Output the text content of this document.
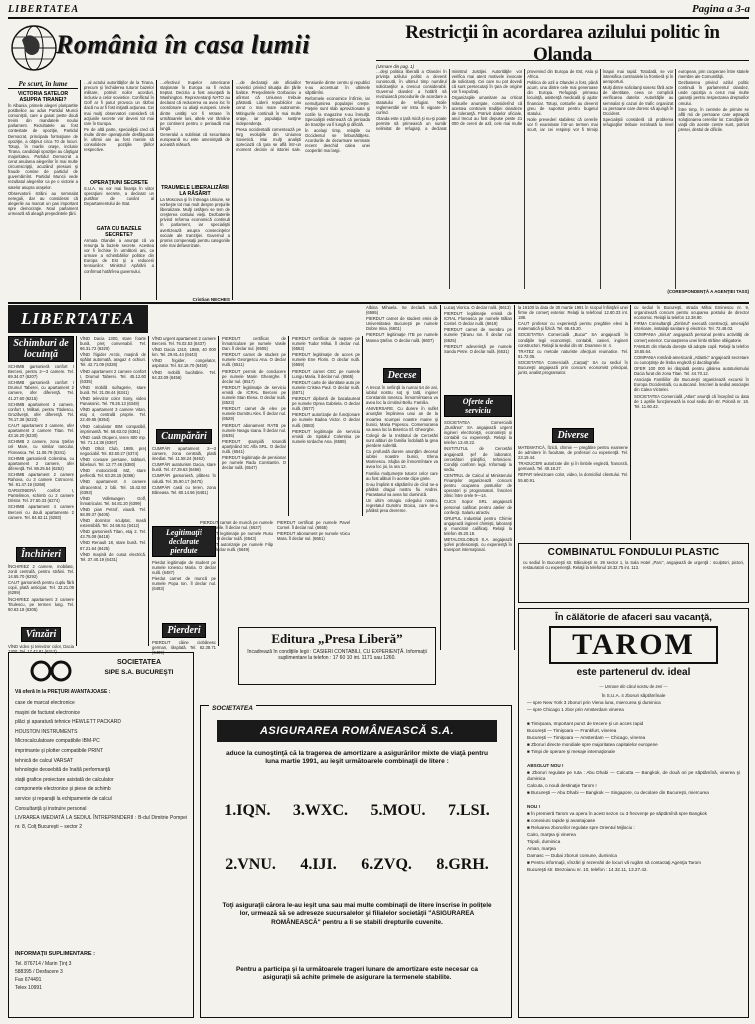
LIBERTATEA	Pagina a 3-a
România în casa lumii
Pe scurt, în lume
VICTORIA SATELOR ASUPRA TIRANEI?

În Albania, primele alegeri pluripartite postbelice au adus Partidul Muncii comuniştii, care a ganat peste două treimi din mandatele noului parlament. Rezultatele au fost contestate de opoziţie, Partidul Democrat, principala formaţiune de opoziţie, a obţinut circa 70 de locuri. Totuşi, în marile oraşe, inclusiv Tirana, candidaţii opoziţiei au câştigat majoritatea. Partidul Democrat a cerut anularea alegerilor în mai multe circumscripţii, acuzând presiuni şi fraude comise de partidul de guvernămînt. Partidul Muncii vede rezultatul alegerilor ca pe o victorie a satelor asupra oraşelor.

Observatorii străini au semnalat nereguli, dar au considerat că alegerile au marcat un pas important spre democraţie. Noul parlament urmează să aleagă preşedintele ţării.

…al actului autorităţilor de la Tirana, precum şi închiderea tuturor bazelor militare, potrivit noilor acorduri, inclusiv a celor sovietice. Conflictul în Golf ar fi putut provoca un război dacă nu ar fi fost iniţiată acţiunea. Cei mai mulţi observatori consideră că acţiunile secrete vor deveni tot mai rare în Europa.

Pe de altă parte, specialiştii cred că multe dintre operaţiunile desfăşurate în ultimii ani au fost menite să consolideze poziţiile ţărilor respective.

OPERAŢIUNI SECRETE

S.U.A. nu vor mai finanţa în viitor operaţiuni secrete, a declarat un purtător de cuvânt al Departamentului de Stat.

GATA CU BAZELE SECRETE?

Armata Olandei a anunţat că va renunţa la bazele secrete. Acestea vor fi închise în următorii ani, ca urmare a schimbărilor politice din Europa de Est şi a reducerii tensiunilor. Ministrul Apărării a confirmat hotărîrea guvernului.

…efectivul trupelor americane staţionate în Europa va fi redus treptat. Decizia a fost anunţată la Washington. Reprezentanţi NATO au declarat că reducerea va avea loc în coordonare cu aliaţii europeni. Unele dintre unităţi vor fi retrase în următoarele luni, altele vor rămâne pe continent pentru o perioadă mai lungă.

Generalul a subliniat că securitatea europeană nu este ameninţată de această măsură.

TRAUMELE LIBERALIZĂRII LA RĂSĂRIT

La Moscova şi în întreaga Uniune, se vorbeşte tot mai mult despre preţurile liberalizate. Mulţi cetăţeni se tem de creşterea costului vieţii. Dezbaterile privind reforma economică continuă în parlament, iar specialiştii avertizează asupra consecinţelor sociale ale tranziţiei. Guvernul a promis compensaţii pentru categoriile cele mai defavorizate.

Cristian NECHES

…de declaraţii ale oficialilor sovietici privind situaţia din ţările baltice. Preşedintele Gorbaciov a afirmat că Uniunea trebuie păstrată. Liderii republicilor au cerut o mai mare autonomie. Mitingurile continuă în mai multe oraşe, iar populaţia susţine independenţa.

Presa occidentală comentează pe larg evoluţiile din Uniunea Sovietică. Mai mulţi analişti apreciază că ţara se află într-un moment decisiv al istoriei sale. Tensiunile dintre centru şi republici s-au accentuat în ultimele săptămîni.

Reformele economice întîrzie, iar nemulţumirea populaţiei creşte. Pieţele sunt slab aprovizionate şi cozile la magazine s-au înmulţit. Specialiştii estimează că perioada de tranziţie va fi lungă şi dificilă.

În acelaşi timp, relaţiile cu Occidentul se îmbunătăţesc. Acordurile de dezarmare semnate recent deschid calea unei cooperări mai largi.

Restricţii în acordarea azilului politic în Olanda
(Urmare din pag. 1)

…deşi politica liberală a Olandei în privinţa azilului politic a devenit cunoscută, în ultimul timp numărul solicitanţilor a crescut considerabil. Guvernul olandez a hotărît să revizuiască procedurile de acordare a statutului de refugiat. Noile reglementări vor intra în vigoare în curînd.

Olanda este o ţară mică şi nu-şi poate permite să primească un număr nelimitat de refugiaţi, a declarat ministrul Justiţiei. Autorităţile vor verifica mai atent motivele invocate de solicitanţi. Cei care nu pot dovedi că sunt persecutaţi în ţara de origine vor fi expulzaţi.

Organizaţiile umanitare au criticat măsurile anunţate, considerînd că acestea contravin tradiţiei olandeze de toleranţă. Potrivit datelor oficiale, anul trecut au fost depuse peste 21 000 de cereri de azil, cele mai multe provenind din Europa de Est, Asia şi Africa.

Politica de azil a Olandei a fost, până acum, una dintre cele mai generoase din Europa. Refugiaţii primeau locuinţă, asistenţă medicală şi ajutor financiar. Totuşi, costurile au devenit greu de suportat pentru bugetul statului.

Noile prevederi stabilesc că cererile vor fi examinate într-un termen mai scurt, iar cei respinşi vor fi trimişi înapoi mai rapid. Totodată, se vor intensifica controalele la frontieră şi în aeroporturi.

Mulţi dintre solicitanţi sosesc fără acte de identitate, ceea ce complică verificarea datelor. Autorităţile au semnalat şi cazuri de trafic organizat cu persoane care doresc să ajungă în Occident.

Specialiştii consideră că problema refugiaţilor trebuie rezolvată la nivel european, prin cooperare între statele membre ale Comunităţii.

Dezbaterea privind azilul politic continuă în parlamentul olandez, unde opoziţia a cerut mai multe garanţii pentru respectarea drepturilor omului.

Între timp, în centrele de primire se află mii de persoane care aşteaptă soluţionarea cererilor lor. Condiţiile de viaţă din aceste centre sunt, potrivit presei, destul de dificile.

(CORESPONDENŢĂ A AGENŢIEI TASS)
LIBERTATEA
Schimburi de locuinţă

SCHIMB garsonieră confort I Berceni, pentru 2—3 camere. Tel. 69.34.07 (6207)

SCHIMB garsonieră confort I Drumul Taberei, cu apartament 2 camere, ofer diferenţă. Tel. 41.27.60 (6215)

SCHIMB apartament 2 camere, confort I, Militari, pentru Titulescu, Grozăveşti, ofer diferenţă. Tel. 76.17.38 (6223)

CAUT apartament 3 camere, ofer apartament 2 camere Titan. Tel. 43.16.20 (6230)

SCHIMB 2 camere, zona Ştefan cel Mare, cu similar Iancului, Floreasca. Tel. 11.06.78 (6241)

SCHIMB garsonieră Colentina, cu apartament 2 camere, ofer diferenţă. Tel. 88.25.54 (6252)

SCHIMB apartament 2 camere Rahova, cu 3 camere Cotroceni. Tel. 81.47.19 (6268)

GARSONIERĂ confort I, Pantelimon, schimb cu 2 camere Dristor. Tel. 27.50.33 (6274)

SCHIMB apartament 4 camere Berceni cu două apartamente 2 camere. Tel. 84.62.11 (6283)

Închirieri

ÎNCHIRIEZ 2 camere, mobilate, zonă centrală, pentru străini. Tel. 14.55.70 (6292)

CAUT garsonieră pentru cuplu fără copii, plată anticipat. Tel. 33.21.09 (6299)

ÎNCHIRIEZ apartament 3 camere Titulescu, pe termen lung. Tel. 50.63.18 (6305)

Vînzări

VÎND video şi televizor color, Dacia 1300. Tel. 17.42.81 (6312)

VÎND Dacia 1300, stare foarte bună, preţ convenabil. Tel. 66.31.72 (6320)

VÎND frigider Arctic, maşină de spălat automată, aragaz 4 ochiuri. Tel. 42.71.09 (6328)

VÎND apartament 2 camere confort I, Drumul Taberei. Tel. 45.12.60 (6335)

VÎND mobilă sufragerie, stare bună. Tel. 31.08.44 (6341)

VÎND televizor color Sony, video Panasonic. Tel. 79.26.13 (6348)

VÎND apartament 3 camere Vitan, etaj 4, centrală proprie. Tel. 22.49.85 (6354)

VÎND calculator IBM compatibil, imprimantă. Tel. 58.63.02 (6361)

VÎND casă Otopeni, teren 800 mp. Tel. 71.14.38 (6367)

VÎND Oltcit Club, 1989, preţ negociabil. Tel. 83.50.27 (6374)

VÎND covoare persane, tablouri, bibelouri. Tel. 12.77.46 (6380)

VÎND motocicletă MZ, stare perfectă. Tel. 63.28.15 (6386)

VÎND apartament 4 camere ultracentral, 2 băi. Tel. 15.42.93 (6393)

VÎND Volkswagen Golf, înmatriculat. Tel. 54.81.20 (6399)

VÎND pian Petrof, vioară. Tel. 68.09.37 (6405)

VÎND dormitor sculptat, masă extensibilă. Tel. 24.66.51 (6412)

VÎND garsonieră Titan, etaj 2. Tel. 43.75.08 (6418)

VÎND Renault 18, stare bună. Tel. 87.21.64 (6425)

VÎND maşină de cusut electrică. Tel. 37.40.19 (6431)

VÎND urgent apartament 2 camere Berceni. Tel. 76.02.53 (6437)

VÎND Dacia 1310, 1988, 40 000 km. Tel. 29.81.44 (6443)

VÎND frigider, congelator, aspirator. Tel. 52.16.70 (6450)

VÎND mobilă bucătărie. Tel. 64.33.09 (6456)

Cumpărări

CUMPĂR apartament 2—3 camere, zona centrală, plată imediat. Tel. 11.58.24 (6462)

CUMPĂR autoturism Dacia, stare bună. Tel. 47.29.63 (6468)

CUMPĂR garsonieră, plătesc în valută. Tel. 35.90.17 (6475)

CUMPĂR casă cu teren, zona Băneasa. Tel. 80.14.56 (6481)

Legitimaţii declarate pierdute

Pierdut legitimaţie de student pe numele Ionescu Maria. O declar nulă. (6487)

Pierdut carnet de muncă pe numele Popa Ion. Îl declar nul. (6493)

Pierderi

PIERDUT câine ciobănesc german, răsplată. Tel. 62.38.71 (6499)

PIERDUT certificat de înmatriculare pe numele Vasile Dan. Îl declar nul. (6505)

PIERDUT carnet de student pe numele Georgescu Ana. O declar nulă. (6511)

PIERDUT permis de conducere pe numele Marin Gheorghe. Îl declar nul. (6517)

PIERDUT legitimaţie de serviciu emisă de ICRAL Berceni pe numele Stan Elena. O declar nulă. (6523)

PIERDUT carnet de elev pe numele Dumitru Alex. Îl declar nul. (6529)

PIERDUT abonament RATB pe numele Neagu Ioana. Îl declar nul. (6535)

PIERDUT ştampilă rotundă aparţinând SC Alfa SRL. O declar nulă. (6541)

PIERDUT legitimaţie de pensionar pe numele Radu Constantin. O declar nulă. (6547)

PIERDUT certificat de naştere pe numele Tudor Mihai. Îl declar nul. (6553)

PIERDUT legitimaţie de acces pe numele Ene Florin. O declar nulă. (6559)

PIERDUT carnet CEC pe numele Lungu Maria. Îl declar nul. (6565)

PIERDUT carte de identitate auto pe numele Cristea Paul. O declar nulă. (6571)

PIERDUT diplomă de bacalaureat pe numele Oprea Gabriela. O declar nulă. (6577)

PIERDUT autorizaţie de funcţionare pe numele Badea Victor. O declar nulă. (6583)

PIERDUT legitimaţie de serviciu emisă de Spitalul Colentina pe numele Iordache Ana. (6589)

Albina Mihaela. Se declară nulă. (6595)

PIERDUT carnet de student emis de Universitatea Bucureşti pe numele Dobre Irina. (6601)

PIERDUT legitimaţie ITB pe numele Manea Ştefan. O declar nulă. (6607)

Decese

A trecut în nefiinţă la numai 54 de ani, iubitul nostru soţ şi tată, inginer Constantin Ionescu. Înmormîntarea va avea loc la cimitirul Bellu. Familia.

ANIVERSARE. Cu durere în suflet anunţăm împlinirea unui an de la moartea scumpei noastre mame şi bunici, Maria Popescu. Comemorarea va avea loc la Biserica Sf. Gheorghe.

Colegii de la Institutul de Cercetări sunt alături de familia îndoliată la grea pierdere suferită.

Cu profundă durere anunţăm decesul iubitei noastre bunici, Elena Marinescu. Slujba de înmormîntare va avea loc joi, la ora 12.

Familia mulţumeşte tuturor celor care au fost alături în aceste clipe grele.

S-au împlinit 6 săptămîni de cînd ne-a părăsit dragul nostru fiu Andrei. Parastasul va avea loc duminică.

Un ultim omagiu colegului nostru, regretatul Dumitru Stoica, care ne-a părăsit prea devreme.

Lucaş Viorica. O declar nulă. (6613)

PIERDUT legitimaţie emisă de ICRAL Floreasca pe numele Bălan Costel. O declar nulă. (6619)

PIERDUT carnet de membru pe numele Ţăranu Ion. Îl declar nul. (6625)

PIERDUT adeverinţă pe numele Sandu Petre. O declar nulă. (6631)

Oferte de serviciu

SOCIETATEA Comercială „Dunărea” SA angajează urgent ingineri electronişti, economişti şi contabili cu experienţă. Relaţii la telefon 13.40.22.

INSTITUTUL de Cercetări angajează şef de laborator, cercetători ştiinţifici, tehnicieni. Condiţii conform legii. Informaţii la sediu.

CENTRUL de Calcul al Ministerului Finanţelor organizează concurs pentru ocuparea posturilor de operatori şi programatori. Înscrieri zilnic între orele 9—14.

CUCS Sopor SRL angajează personal calificat pentru atelier de confecţii. Salariu atractiv.

GRUPUL Industrial pentru Chimie angajează ingineri chimişti, laboranţi şi muncitori calificaţi. Relaţii la telefon 45.20.18.

METALOGLOBUS S.A. angajează şoferi profesionişti, cu experienţă în transport internaţional.

la 16100 la data de 30 martie 1991 în scopul înfiinţării unei firme de comerţ exterior. Relaţii la telefonul 12.60.33 int. 188.

CAUT profesor cu experienţă pentru pregătire elevi la matematică şi fizică. Tel. 66.45.20.

SOCIETATEA Comercială „Bucur” SA angajează în condiţiile legii economişti, contabili, casieri, ingineri constructori. Relaţii la sediul din str. Doamnei nr. 4.

TRATEZ cu metode naturiste afecţiuni reumatice. Tel. 81.72.05.

SOCIETATEA Comercială „Carpaţi” SA cu sediul în Bucureşti angajează prin concurs economist principal, jurist, analist programator.

Diverse

MATEMATICĂ, fizică, chimie — pregătire pentru examene de admitere în facultate, de profesori cu experienţă. Tel. 23.19.44.

TRADUCERI autorizate din şi în limbile engleză, franceză, germană. Tel. 40.18.27.

REPAR televizoare color, video, la domiciliul clientului. Tel. 55.60.91.

cu sediul în Bucureşti, strada Mihai Eminescu nr. 9, organizează concurs pentru ocuparea postului de director economic. Relaţii la telefon 12.38.90.

FIRMA Consultanţă „Zimbrul” execută construcţii, amenajări interioare, instalaţii sanitare şi electrice. Tel. 72.48.03.

COMPANIA „Sirius” angajează personal pentru activităţi de comerţ exterior. Cunoaşterea unei limbi străine obligatorie.

FAMILIE din Irlanda doreşte să adopte copil. Relaţii la telefon 18.55.64.

COMPANIA română-americană „Atlantic” angajează secretare cu cunoştinţe de limba engleză şi dactilografie.

OFER 100 000 lei răsplată pentru găsirea autoturismului Dacia furat din zona Titan. Tel. 44.70.12.

Asociaţia Familiilor din Bucureşti organizează excursii în Europa Occidentală, cu autocarul. Înscrieri la sediul asociaţiei din Calea Victoriei.

SOCIETATEA Comercială „Atlas” anunţă că începînd cu data de 1 aprilie funcţionează la noul sediu din str. Polonă nr. 18. Tel. 11.60.42.

COMBINATUL FONDULUI PLASTIC

cu sediul în Bucureşti str. Băiculeşti nr. 29 sector 1, la Sala Hotel „Parc”, angajează de urgenţă : sculptori, pictori, restauratori cu experienţă. Relaţii la telefonul 18.32.75 int. 113.

În călătorie de afaceri sau vacanţă,
TAROM
este partenerul dv. ideal
— Urmare din cărul nostru de zeri —

În S.U.A. 4 zboruri săptămînale

— spre New York 3 zboruri prin Viena luna, miercurea şi duminica

— spre Chicago 1 zbor prin Amsterdam vinerea

■ Timişoara, Important punct de trecere şi un acces rapid

Bucureşti — Timişoara — Frankfurt, vinerea

Bucureşti — Timişoara — Amsterdam — Chicago, vinerea

■ Zboruri directe mondiale spre majoritatea capitalelor europene

■ Timpi de operare şi mesaje internaţionale

ABSOLUT NOU !

■ Zboruri regulate pe ruta : Abu Dhabi — Calcutta — Bangkok, de două ori pe săptămînă, vinerea şi duminica

Calcuta, o nouă destinaţie Tarom !

■ Bucureşti — Abu Dhabi — Bangkok — Singapore, cu decolare din Bucureşti, miercurea

NOU !

■ În premieră Tarom va opera în acest sezon cu 3 frecvenţe pe săptămînă spre Bangkok

■ conexiuni rapide şi avantajoase

■ Reluarea zborurilor regulate spre Orientul Mijlociu :

Cairo, marţea şi vinerea

Tripoli, duminica

Aman, marţea

Damasc — Dubai zboruri comune, duminica

■ Pentru informaţii, vînzări şi rezervări de locuri vă rugăm să contactaţi Agenţia Tarom

Bucureşti str. Brezoianu nr. 10, telefon : 14.32.11, 13.27.42.

SOCIETATEA
SIPE S.A. BUCUREŞTI
Vă oferă în la PREŢURI AVANTAJOASE :

case de marcat electronice

maşini de facturat electronice

plăci şi aparatură tehnice HEWLETT PACKARD

HOUSTON INSTRUMENTS

Microcalculatoare compatibile IBM-PC

imprimante şi plotter compatibile PRINT

tehnică de calcul VARSAT

tehnologie deosebită de înaltă performanţă

staţii grafice proiectare asistată de calculator

componente electronice şi piese de schimb

service şi reparaţii la echipamente de calcul

Consultanţă şi instruire personal

LIVRAREA IMEDIATĂ LA SEDIUL ÎNTREPRINDERII : B-dul Dimitrie Pompei nr. 8, Colţ Bucureşti – sector 2

INFORMAŢII SUPLIMENTARE :

Tel. 876714 / Marin Ţinţ 3

588395 / Desfacere 3

Fax 674491

Telex 10991

PIERDUT carnet de muncă pe numele Nistor Vasile. Îl declar nul. (6637)

PIERDUT legitimaţie pe numele Rusu Adriana. O declar nulă. (6643)

PIERDUT autorizaţie pe numele Filip Dan. O declar nulă. (6649)

PIERDUT certificat pe numele Pavel Cornel. Îl declar nul. (6655)

PIERDUT abonament pe numele Voicu Mara. Îl declar nul. (6661)

Editura „Presa Liberă”
încadrează în condiţiile legii : CASIERI CONTABILI, CU EXPERIENŢĂ. Informaţii suplimentare la telefon : 17 60 10 int. 1171 sau 1260.
SOCIETATEA
ASIGURAREA ROMÂNEASCĂ S.A.
aduce la cunoştinţă că la tragerea de amortizare a asigurărilor mixte de viaţă pentru luna martie 1991, au ieşit următoarele combinaţii de litere :
1.IQN. 3.WXC. 5.MOU. 7.LSI.
2.VNU. 4.IJI. 6.ZVQ. 8.GRH.
Toţi asiguraţii cărora le-au ieşit una sau mai multe combinaţii de litere înscrise în polițele lor, urmează să se adreseze sucursalelor şi filialelor societăţii "ASIGURAREA ROMÂNEASCĂ" pentru a li se stabili drepturile cuvenite.
Pentru a participa şi la următoarele trageri lunare de amortizare este necesar ca asiguraţii să achite primele de asigurare la termenele stabilite.
